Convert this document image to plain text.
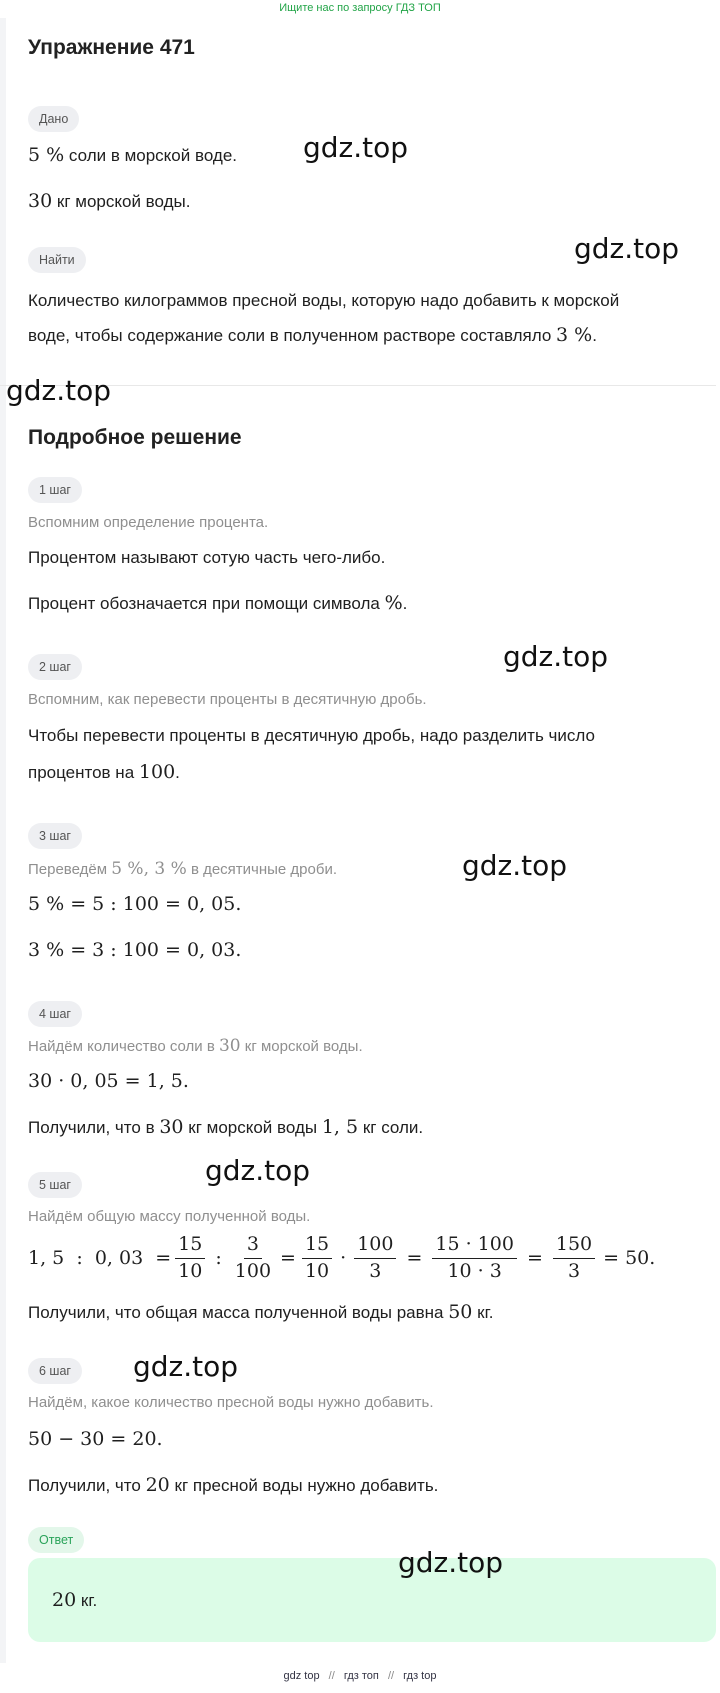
Ищите нас по запросу ГДЗ ТОП
Упражнение 471
Дано
5 % соли в морской воде.
30 кг морской воды.
Найти
Количество килограммов пресной воды, которую надо добавить к морской
воде, чтобы содержание соли в полученном растворе составляло 3 %.
Подробное решение
1 шаг
Вспомним определение процента.
Процентом называют сотую часть чего-либо.
Процент обозначается при помощи символа %.
2 шаг
Вспомним, как перевести проценты в десятичную дробь.
Чтобы перевести проценты в десятичную дробь, надо разделить число
процентов на 100.
3 шаг
Переведём 5 %, 3 % в десятичные дроби.
5 % = 5 : 100 = 0, 05.
3 % = 3 : 100 = 0, 03.
4 шаг
Найдём количество соли в 30 кг морской воды.
30 · 0, 05 = 1, 5.
Получили, что в 30 кг морской воды 1, 5 кг соли.
5 шаг
Найдём общую массу полученной воды.
1, 5  :  0, $03 = \frac{15}{10}$ : $\frac{3}{100} = \frac{15}{10} \cdot \frac{100}{3} = \frac{15 \cdot 100}{10 \cdot 3} = \frac{150}{3} = 50$.
Получили, что общая масса полученной воды равна 50 кг.
6 шаг
Найдём, какое количество пресной воды нужно добавить.
50 − 30 = 20.
Получили, что 20 кг пресной воды нужно добавить.
Ответ
20 кг.
gdz.top
gdz.top
gdz.top
gdz.top
gdz.top
gdz.top
gdz.top
gdz.top
gdz top // гдз топ // гдз top
